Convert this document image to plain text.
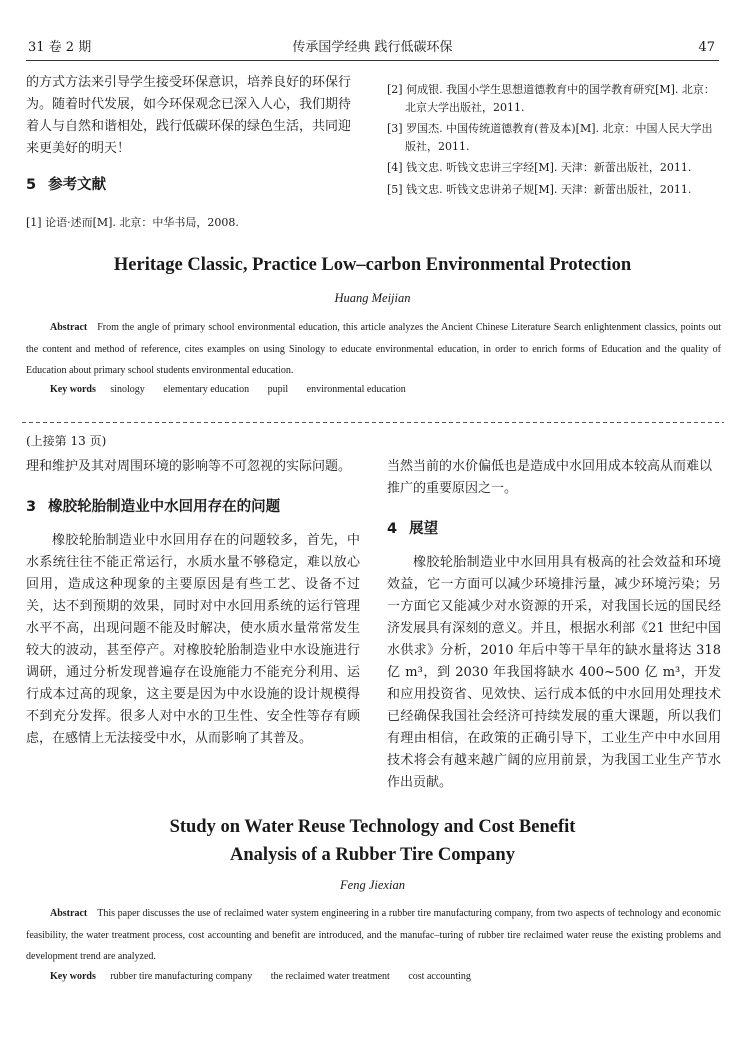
31 卷 2 期	传承国学经典 践行低碳环保	47

的方式方法来引导学生接受环保意识，培养良好的环保行为。随着时代发展，如今环保观念已深入人心，我们期待着人与自然和谐相处，践行低碳环保的绿色生活，共同迎来更美好的明天！

5 参考文献

[1] 论语·述而[M]. 北京：中华书局，2008.

[2] 何成银. 我国小学生思想道德教育中的国学教育研究[M]. 北京：北京大学出版社，2011.

[3] 罗国杰. 中国传统道德教育(普及本)[M]. 北京：中国人民大学出版社，2011.

[4] 钱文忠. 听钱文忠讲三字经[M]. 天津：新蕾出版社，2011.

[5] 钱文忠. 听钱文忠讲弟子规[M]. 天津：新蕾出版社，2011.

Heritage Classic, Practice Low–carbon Environmental Protection
Huang Meijian
Abstract From the angle of primary school environmental education, this article analyzes the Ancient Chinese Literature Search enlightenment classics, points out the content and method of reference, cites examples on using Sinology to educate environmental education, in order to enrich forms of Education and the quality of Education about primary school students environmental education.
Key words sinology elementary education pupil environmental education
(上接第 13 页)

理和维护及其对周围环境的影响等不可忽视的实际问题。

3 橡胶轮胎制造业中水回用存在的问题

橡胶轮胎制造业中水回用存在的问题较多，首先，中水系统往往不能正常运行，水质水量不够稳定，难以放心回用，造成这种现象的主要原因是有些工艺、设备不过关，达不到预期的效果，同时对中水回用系统的运行管理水平不高，出现问题不能及时解决，使水质水量常常发生较大的波动，甚至停产。对橡胶轮胎制造业中水设施进行调研，通过分析发现普遍存在设施能力不能充分利用、运行成本过高的现象，这主要是因为中水设施的设计规模得不到充分发挥。很多人对中水的卫生性、安全性等存有顾虑，在感情上无法接受中水，从而影响了其普及。

当然当前的水价偏低也是造成中水回用成本较高从而难以推广的重要原因之一。

4 展望

橡胶轮胎制造业中水回用具有极高的社会效益和环境效益，它一方面可以减少环境排污量，减少环境污染；另一方面它又能减少对水资源的开采，对我国长远的国民经济发展具有深刻的意义。并且，根据水利部《21 世纪中国水供求》分析，2010 年后中等干旱年的缺水量将达 318 亿 m³，到 2030 年我国将缺水 400~500 亿 m³，开发和应用投资省、见效快、运行成本低的中水回用处理技术已经确保我国社会经济可持续发展的重大课题，所以我们有理由相信，在政策的正确引导下，工业生产中中水回用技术将会有越来越广阔的应用前景，为我国工业生产节水作出贡献。

Study on Water Reuse Technology and Cost Benefit
Analysis of a Rubber Tire Company
Feng Jiexian
Abstract This paper discusses the use of reclaimed water system engineering in a rubber tire manufacturing company, from two aspects of technology and economic feasibility, the water treatment process, cost accounting and benefit are introduced, and the manufac–turing of rubber tire reclaimed water reuse the existing problems and development trend are analyzed.
Key words rubber tire manufacturing company the reclaimed water treatment cost accounting
